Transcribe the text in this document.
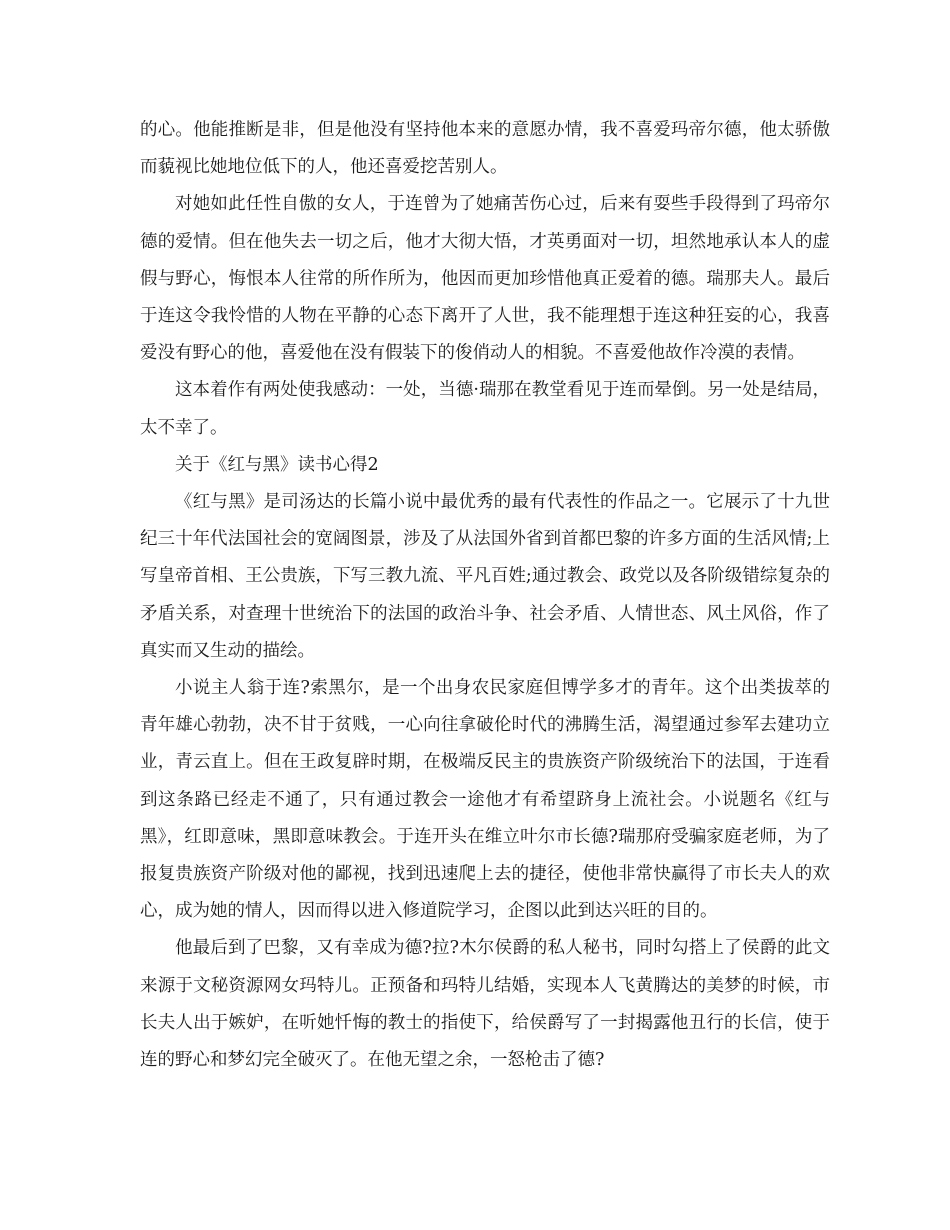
的心。他能推断是非，但是他没有坚持他本来的意愿办情，我不喜爱玛帝尔德，他太骄傲而藐视比她地位低下的人，他还喜爱挖苦别人。

对她如此任性自傲的女人，于连曾为了她痛苦伤心过，后来有耍些手段得到了玛帝尔德的爱情。但在他失去一切之后，他才大彻大悟，才英勇面对一切，坦然地承认本人的虚假与野心，悔恨本人往常的所作所为，他因而更加珍惜他真正爱着的德。瑞那夫人。最后于连这令我怜惜的人物在平静的心态下离开了人世，我不能理想于连这种狂妄的心，我喜爱没有野心的他，喜爱他在没有假装下的俊俏动人的相貌。不喜爱他故作冷漠的表情。

这本着作有两处使我感动：一处，当德·瑞那在教堂看见于连而晕倒。另一处是结局，太不幸了。

关于《红与黑》读书心得2

《红与黑》是司汤达的长篇小说中最优秀的最有代表性的作品之一。它展示了十九世纪三十年代法国社会的宽阔图景，涉及了从法国外省到首都巴黎的许多方面的生活风情;上写皇帝首相、王公贵族，下写三教九流、平凡百姓;通过教会、政党以及各阶级错综复杂的矛盾关系，对查理十世统治下的法国的政治斗争、社会矛盾、人情世态、风土风俗，作了真实而又生动的描绘。

小说主人翁于连?索黑尔，是一个出身农民家庭但博学多才的青年。这个出类拔萃的青年雄心勃勃，决不甘于贫贱，一心向往拿破伦时代的沸腾生活，渴望通过参军去建功立业，青云直上。但在王政复辟时期，在极端反民主的贵族资产阶级统治下的法国，于连看到这条路已经走不通了，只有通过教会一途他才有希望跻身上流社会。小说题名《红与黑》，红即意味，黑即意味教会。于连开头在维立叶尔市长德?瑞那府受骗家庭老师，为了报复贵族资产阶级对他的鄙视，找到迅速爬上去的捷径，使他非常快赢得了市长夫人的欢心，成为她的情人，因而得以进入修道院学习，企图以此到达兴旺的目的。

他最后到了巴黎，又有幸成为德?拉?木尔侯爵的私人秘书，同时勾搭上了侯爵的此文来源于文秘资源网女玛特儿。正预备和玛特儿结婚，实现本人飞黄腾达的美梦的时候，市长夫人出于嫉妒，在听她忏悔的教士的指使下，给侯爵写了一封揭露他丑行的长信，使于连的野心和梦幻完全破灭了。在他无望之余，一怒枪击了德?
